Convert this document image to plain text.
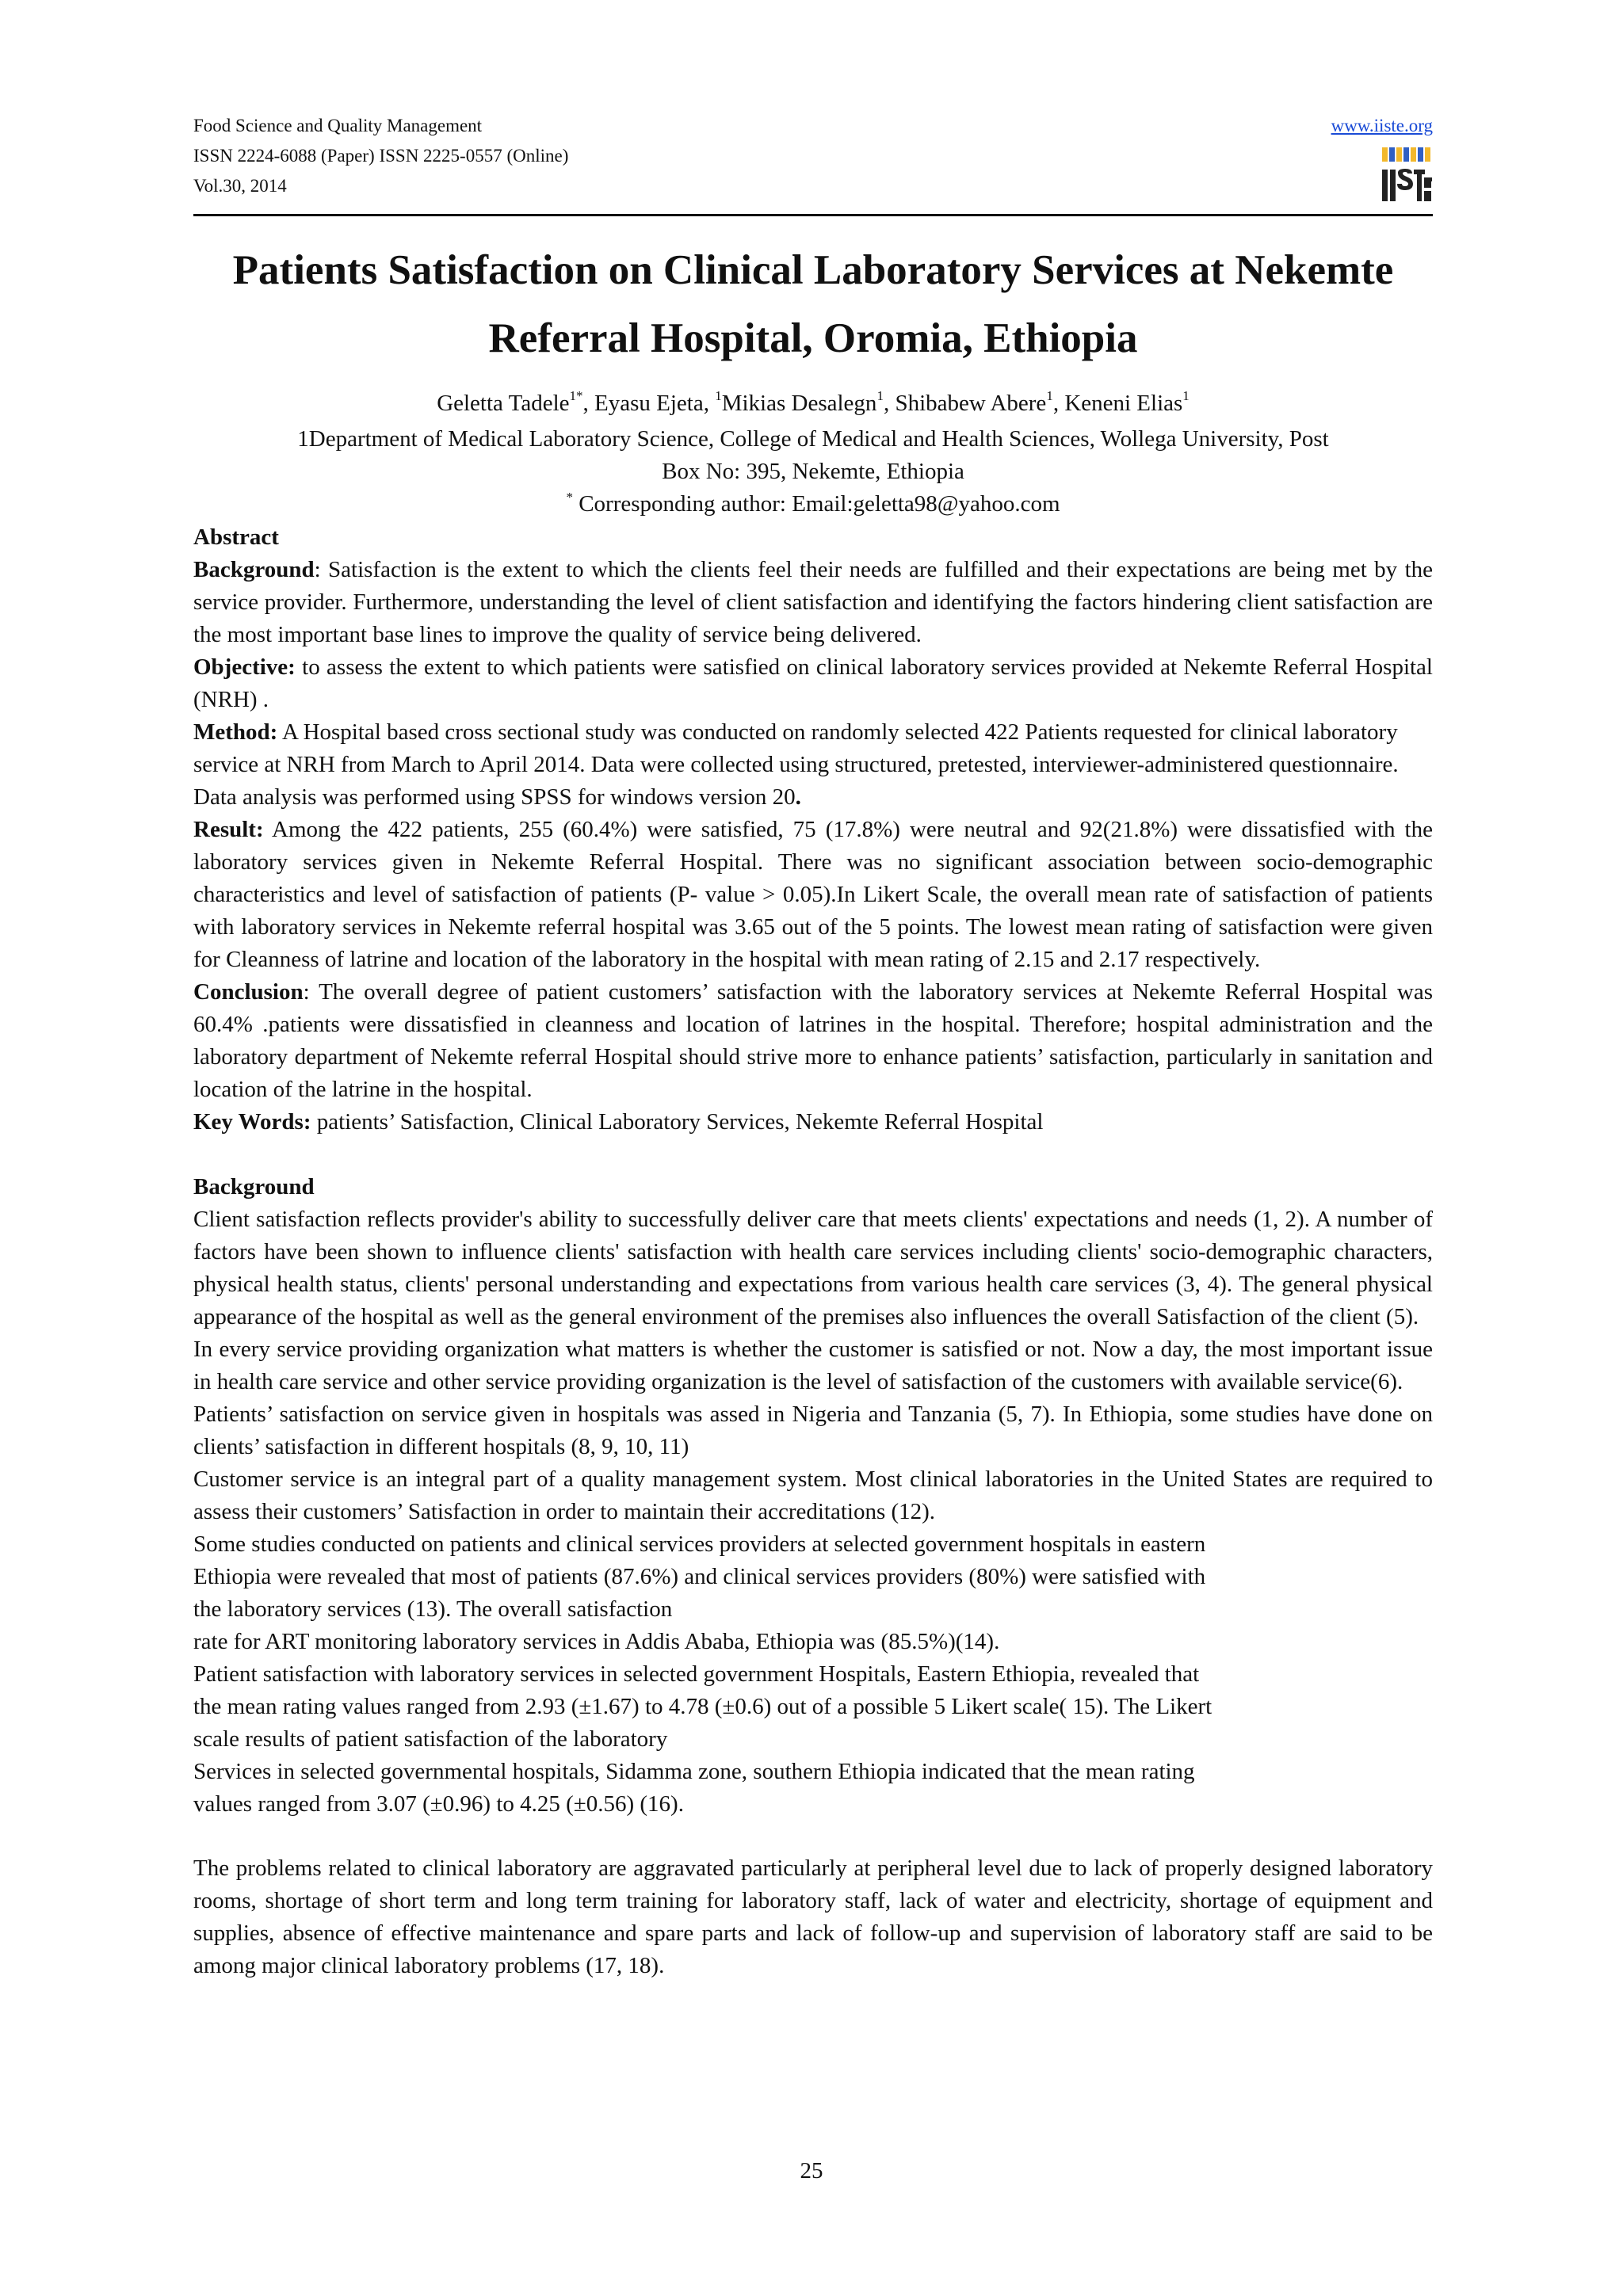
Food Science and Quality Management
ISSN 2224-6088 (Paper) ISSN 2225-0557 (Online)
Vol.30, 2014
www.iiste.org
Patients Satisfaction on Clinical Laboratory Services at Nekemte
Referral Hospital, Oromia, Ethiopia
Geletta Tadele$^{1*}$, Eyasu Ejeta, $^1$Mikias Desalegn$^1$, Shibabew Abere$^1$, Keneni Elias$^1$
1Department of Medical Laboratory Science, College of Medical and Health Sciences, Wollega University, Post
Box No: 395, Nekemte, Ethiopia
* Corresponding author: Email:geletta98@yahoo.com

Abstract

Background: Satisfaction is the extent to which the clients feel their needs are fulfilled and their expectations are being met by the service provider. Furthermore, understanding the level of client satisfaction and identifying the factors hindering client satisfaction are the most important base lines to improve the quality of service being delivered.

Objective: to assess the extent to which patients were satisfied on clinical laboratory services provided at Nekemte Referral Hospital (NRH) .

Method: A Hospital based cross sectional study was conducted on randomly selected 422 Patients requested for clinical laboratory service at NRH from March to April 2014. Data were collected using structured, pretested, interviewer-administered questionnaire. Data analysis was performed using SPSS for windows version 20.

Result: Among the 422 patients, 255 (60.4%) were satisfied, 75 (17.8%) were neutral and 92(21.8%) were dissatisfied with the laboratory services given in Nekemte Referral Hospital. There was no significant association between socio-demographic characteristics and level of satisfaction of patients (P- value > 0.05).In Likert Scale, the overall mean rate of satisfaction of patients with laboratory services in Nekemte referral hospital was 3.65 out of the 5 points. The lowest mean rating of satisfaction were given for Cleanness of latrine and location of the laboratory in the hospital with mean rating of 2.15 and 2.17 respectively.

Conclusion: The overall degree of patient customers’ satisfaction with the laboratory services at Nekemte Referral Hospital was 60.4% .patients were dissatisfied in cleanness and location of latrines in the hospital. Therefore; hospital administration and the laboratory department of Nekemte referral Hospital should strive more to enhance patients’ satisfaction, particularly in sanitation and location of the latrine in the hospital.

Key Words: patients’ Satisfaction, Clinical Laboratory Services, Nekemte Referral Hospital

Background

Client satisfaction reflects provider's ability to successfully deliver care that meets clients' expectations and needs (1, 2). A number of factors have been shown to influence clients' satisfaction with health care services including clients' socio-demographic characters, physical health status, clients' personal understanding and expectations from various health care services (3, 4). The general physical appearance of the hospital as well as the general environment of the premises also influences the overall Satisfaction of the client (5).

In every service providing organization what matters is whether the customer is satisfied or not. Now a day, the most important issue in health care service and other service providing organization is the level of satisfaction of the customers with available service(6).

Patients’ satisfaction on service given in hospitals was assed in Nigeria and Tanzania (5, 7). In Ethiopia, some studies have done on clients’ satisfaction in different hospitals (8, 9, 10, 11)

Customer service is an integral part of a quality management system. Most clinical laboratories in the United States are required to assess their customers’ Satisfaction in order to maintain their accreditations (12).

Some studies conducted on patients and clinical services providers at selected government hospitals in eastern

Ethiopia were revealed that most of patients (87.6%) and clinical services providers (80%) were satisfied with

the laboratory services (13). The overall satisfaction

rate for ART monitoring laboratory services in Addis Ababa, Ethiopia was (85.5%)(14).

Patient satisfaction with laboratory services in selected government Hospitals, Eastern Ethiopia, revealed that

the mean rating values ranged from 2.93 (±1.67) to 4.78 (±0.6) out of a possible 5 Likert scale( 15). The Likert

scale results of patient satisfaction of the laboratory

Services in selected governmental hospitals, Sidamma zone, southern Ethiopia indicated that the mean rating

values ranged from 3.07 (±0.96) to 4.25 (±0.56) (16).

The problems related to clinical laboratory are aggravated particularly at peripheral level due to lack of properly designed laboratory rooms, shortage of short term and long term training for laboratory staff, lack of water and electricity, shortage of equipment and supplies, absence of effective maintenance and spare parts and lack of follow-up and supervision of laboratory staff are said to be among major clinical laboratory problems (17, 18).

25
